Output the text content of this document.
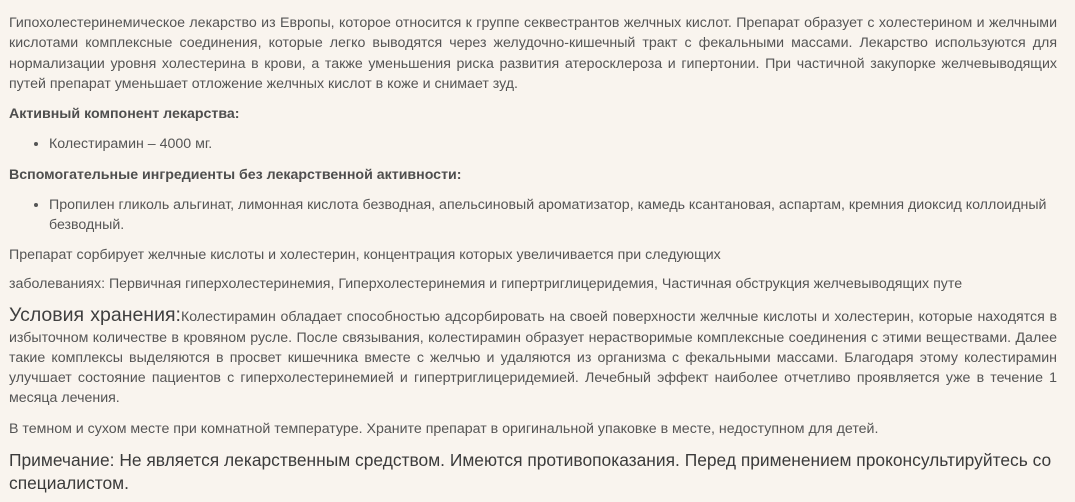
Гипохолестеринемическое лекарство из Европы, которое относится к группе секвестрантов желчных кислот. Препарат образует с холестерином и желчными кислотами комплексные соединения, которые легко выводятся через желудочно-кишечный тракт с фекальными массами. Лекарство используются для нормализации уровня холестерина в крови, а также уменьшения риска развития атеросклероза и гипертонии. При частичной закупорке желчевыводящих путей препарат уменьшает отложение желчных кислот в коже и снимает зуд.

Активный компонент лекарства:

• Колестирамин – 4000 мг.

Вспомогательные ингредиенты без лекарственной активности:

• Пропилен гликоль альгинат, лимонная кислота безводная, апельсиновый ароматизатор, камедь ксантановая, аспартам, кремния диоксид коллоидный безводный.

Препарат сорбирует желчные кислоты и холестерин, концентрация которых увеличивается при следующих

заболеваниях: Первичная гиперхолестеринемия, Гиперхолестеринемия и гипертриглицеридемия, Частичная обструкция желчевыводящих путе

Условия хранения:Колестирамин обладает способностью адсорбировать на своей поверхности желчные кислоты и холестерин, которые находятся в избыточном количестве в кровяном русле. После связывания, колестирамин образует нерастворимые комплексные соединения с этими веществами. Далее такие комплексы выделяются в просвет кишечника вместе с желчью и удаляются из организма с фекальными массами. Благодаря этому колестирамин улучшает состояние пациентов с гиперхолестеринемией и гипертриглицеридемией. Лечебный эффект наиболее отчетливо проявляется уже в течение 1 месяца лечения.

В темном и сухом месте при комнатной температуре. Храните препарат в оригинальной упаковке в месте, недоступном для детей.

Примечание: Не является лекарственным средством. Имеются противопоказания. Перед применением проконсультируйтесь со специалистом.
